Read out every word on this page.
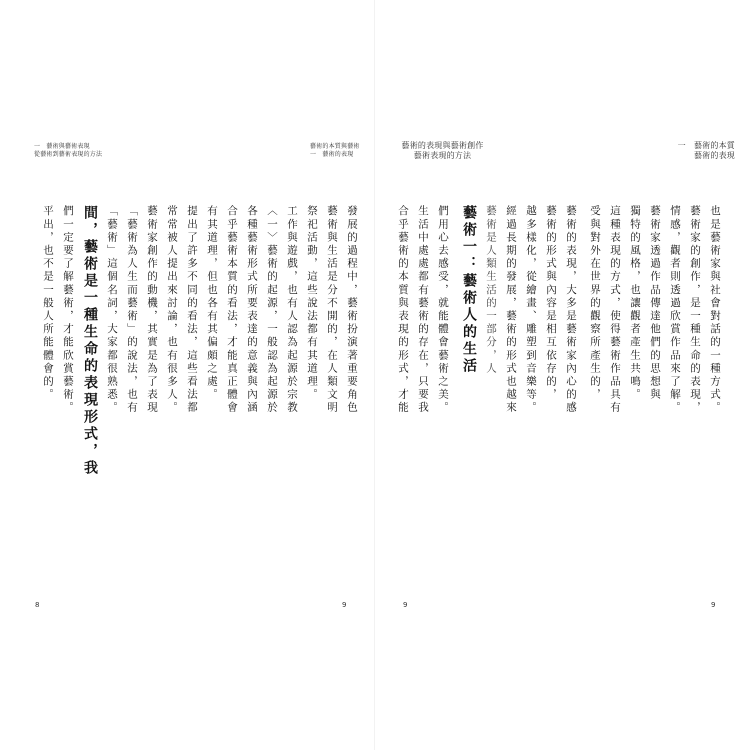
一　藝術與藝術表現
從藝術到藝術表現的方法
藝術的本質與藝術
一　藝術的表現
平出，也不是一般人所能體會的。 們一定要了解藝術，才能欣賞藝術。 間，藝術是一種生命的表現形式，我 「藝術」這個名詞，大家都很熟悉。 「藝術為人生而藝術」的說法，也有 藝術家創作的動機，其實是為了表現 常常被人提出來討論，也有很多人。 提出了許多不同的看法，這些看法都 有其道理，但也各有其偏頗之處。 合乎藝術本質的看法，才能真正體會 各種藝術形式所要表達的意義與內涵 〈一〉藝術的起源，一般認為起源於 工作與遊戲，也有人認為起源於宗教 祭祀活動，這些說法都有其道理。 藝術與生活是分不開的，在人類文明 發展的過程中，藝術扮演著重要角色
8	9
藝術的表現與藝術創作
藝術表現的方法
一　藝術的本質
藝術的表現
合乎藝術的本質與表現的形式，才能 生活中處處都有藝術的存在，只要我 們用心去感受，就能體會藝術之美。 藝術一：藝術人的生活 藝術是人類生活的一部分，人 經過長期的發展，藝術的形式也越來 越多樣化，從繪畫、雕塑到音樂等。 藝術的形式與內容是相互依存的， 藝術的表現，大多是藝術家內心的感 受與對外在世界的觀察所產生的， 這種表現的方式，使得藝術作品具有 獨特的風格，也讓觀者產生共鳴。 藝術家透過作品傳達他們的思想與 情感，觀者則透過欣賞作品來了解。 藝術家的創作，是一種生命的表現， 也是藝術家與社會對話的一種方式。
9	9
